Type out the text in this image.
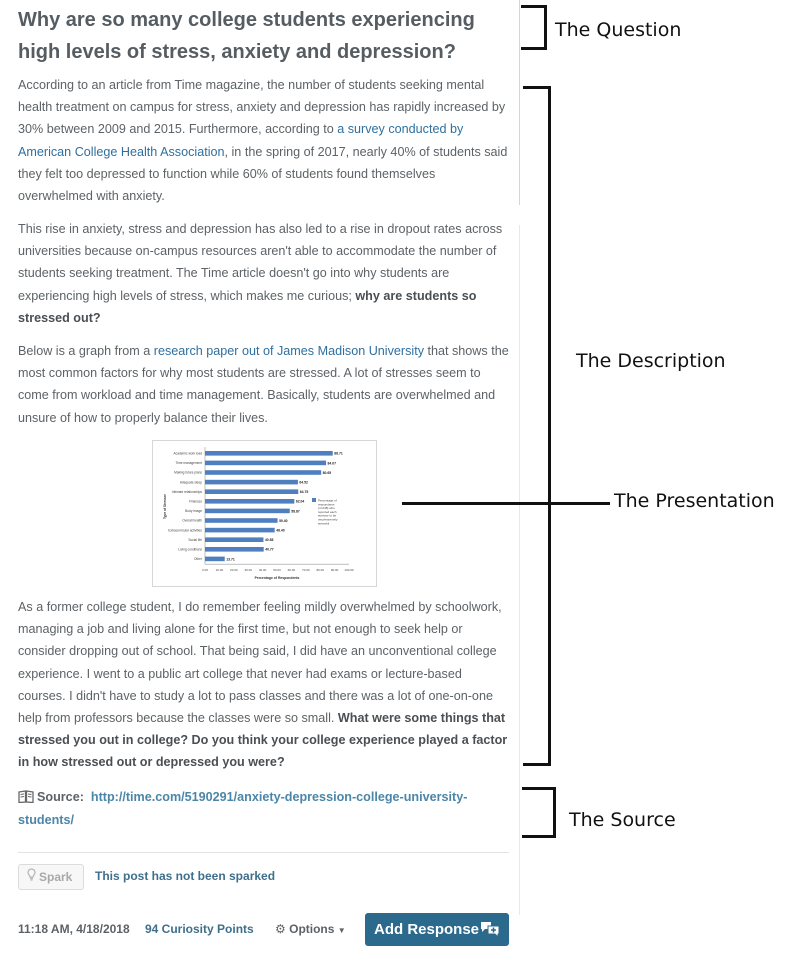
Why are so many college students experiencing high levels of stress, anxiety and depression?

According to an article from Time magazine, the number of students seeking mental health treatment on campus for stress, anxiety and depression has rapidly increased by 30% between 2009 and 2015. Furthermore, according to a survey conducted by American College Health Association, in the spring of 2017, nearly 40% of students said they felt too depressed to function while 60% of students found themselves overwhelmed with anxiety.

This rise in anxiety, stress and depression has also led to a rise in dropout rates across universities because on-campus resources aren't able to accommodate the number of students seeking treatment. The Time article doesn't go into why students are experiencing high levels of stress, which makes me curious; why are students so stressed out?

Below is a graph from a research paper out of James Madison University that shows the most common factors for why most students are stressed. A lot of stresses seem to come from workload and time management. Basically, students are overwhelmed and unsure of how to properly balance their lives.

Academic work load	88.71
Time management	84.07
Making future plans	80.65
Adequate sleep	64.52
Intimate relationships	64.75
Finances	62.04
Body image	58.87
Overall health	50.40
Extracurricular activities	48.40
Social life	40.58
Living conditions	40.77
Other	13.71
0.00	10.00 20.00 30.00 40.00 50.00 60.00 70.00 80.00 90.00 100.00
Percentage of Respondents
Type of Stressor	Percentage of respondents (n=248) who reported each stressor to be very/extremely stressful

As a former college student, I do remember feeling mildly overwhelmed by schoolwork, managing a job and living alone for the first time, but not enough to seek help or consider dropping out of school. That being said, I did have an unconventional college experience. I went to a public art college that never had exams or lecture-based courses. I didn't have to study a lot to pass classes and there was a lot of one-on-one help from professors because the classes were so small. What were some things that stressed you out in college? Do you think your college experience played a factor in how stressed out or depressed you were?

Source: http://time.com/5190291/anxiety-depression-college-university-students/
Spark	This post has not been sparked
11:18 AM, 4/18/2018 94 Curiosity Points ⚙ Options ▼	Add Response
The Question
The Description
The Presentation
The Source
